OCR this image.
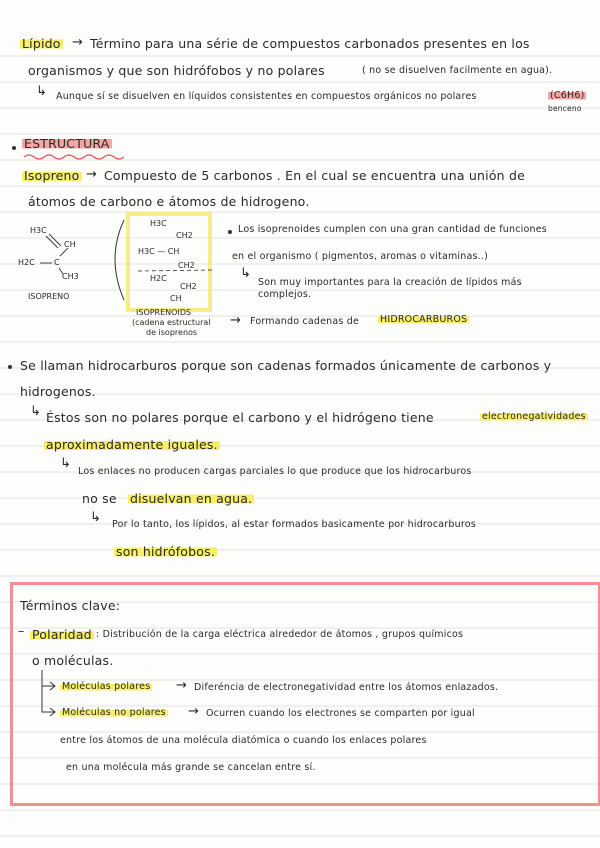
Lípido → Término para una série de compuestos carbonados presentes en los
organismos y que son hidrófobos y no polares	( no se disuelven facilmente en agua).
↳ Aunque sí se disuelven en líquidos consistentes en compuestos orgánicos no polares	(C6H6)
benceno
ESTRUCTURA
Isopreno → Compuesto de 5 carbonos . En el cual se encuentra una unión de
átomos de carbono e átomos de hidrogeno.
H3C
CH
H2C C
CH3
ISOPRENO
H3C
CH2
H3C — CH
CH2
H2C
CH2
CH
ISOPRENOIDS
(cadena estructural
de isoprenos
Los isoprenoides cumplen con una gran cantidad de funciones
en el organismo ( pigmentos, aromas o vitaminas..)
↳
Son muy importantes para la creación de lípidos más
complejos.
→ Formando cadenas de HIDROCARBUROS
Se llaman hidrocarburos porque son cadenas formados únicamente de carbonos y
hidrogenos.
↳ Éstos son no polares porque el carbono y el hidrógeno tiene	electronegatividades
aproximadamente iguales.
↳
Los enlaces no producen cargas parciales lo que produce que los hidrocarburos
no se disuelvan en agua.
↳ Por lo tanto, los lípidos, al estar formados basicamente por hidrocarburos
son hidrófobos.
Términos clave:
– Polaridad : Distribución de la carga eléctrica alrededor de átomos , grupos químicos
o moléculas.
Moléculas polares → Diferéncia de electronegatividad entre los átomos enlazados.
Moléculas no polares → Ocurren cuando los electrones se comparten por igual
entre los átomos de una molécula diatómica o cuando los enlaces polares
en una molécula más grande se cancelan entre sí.
